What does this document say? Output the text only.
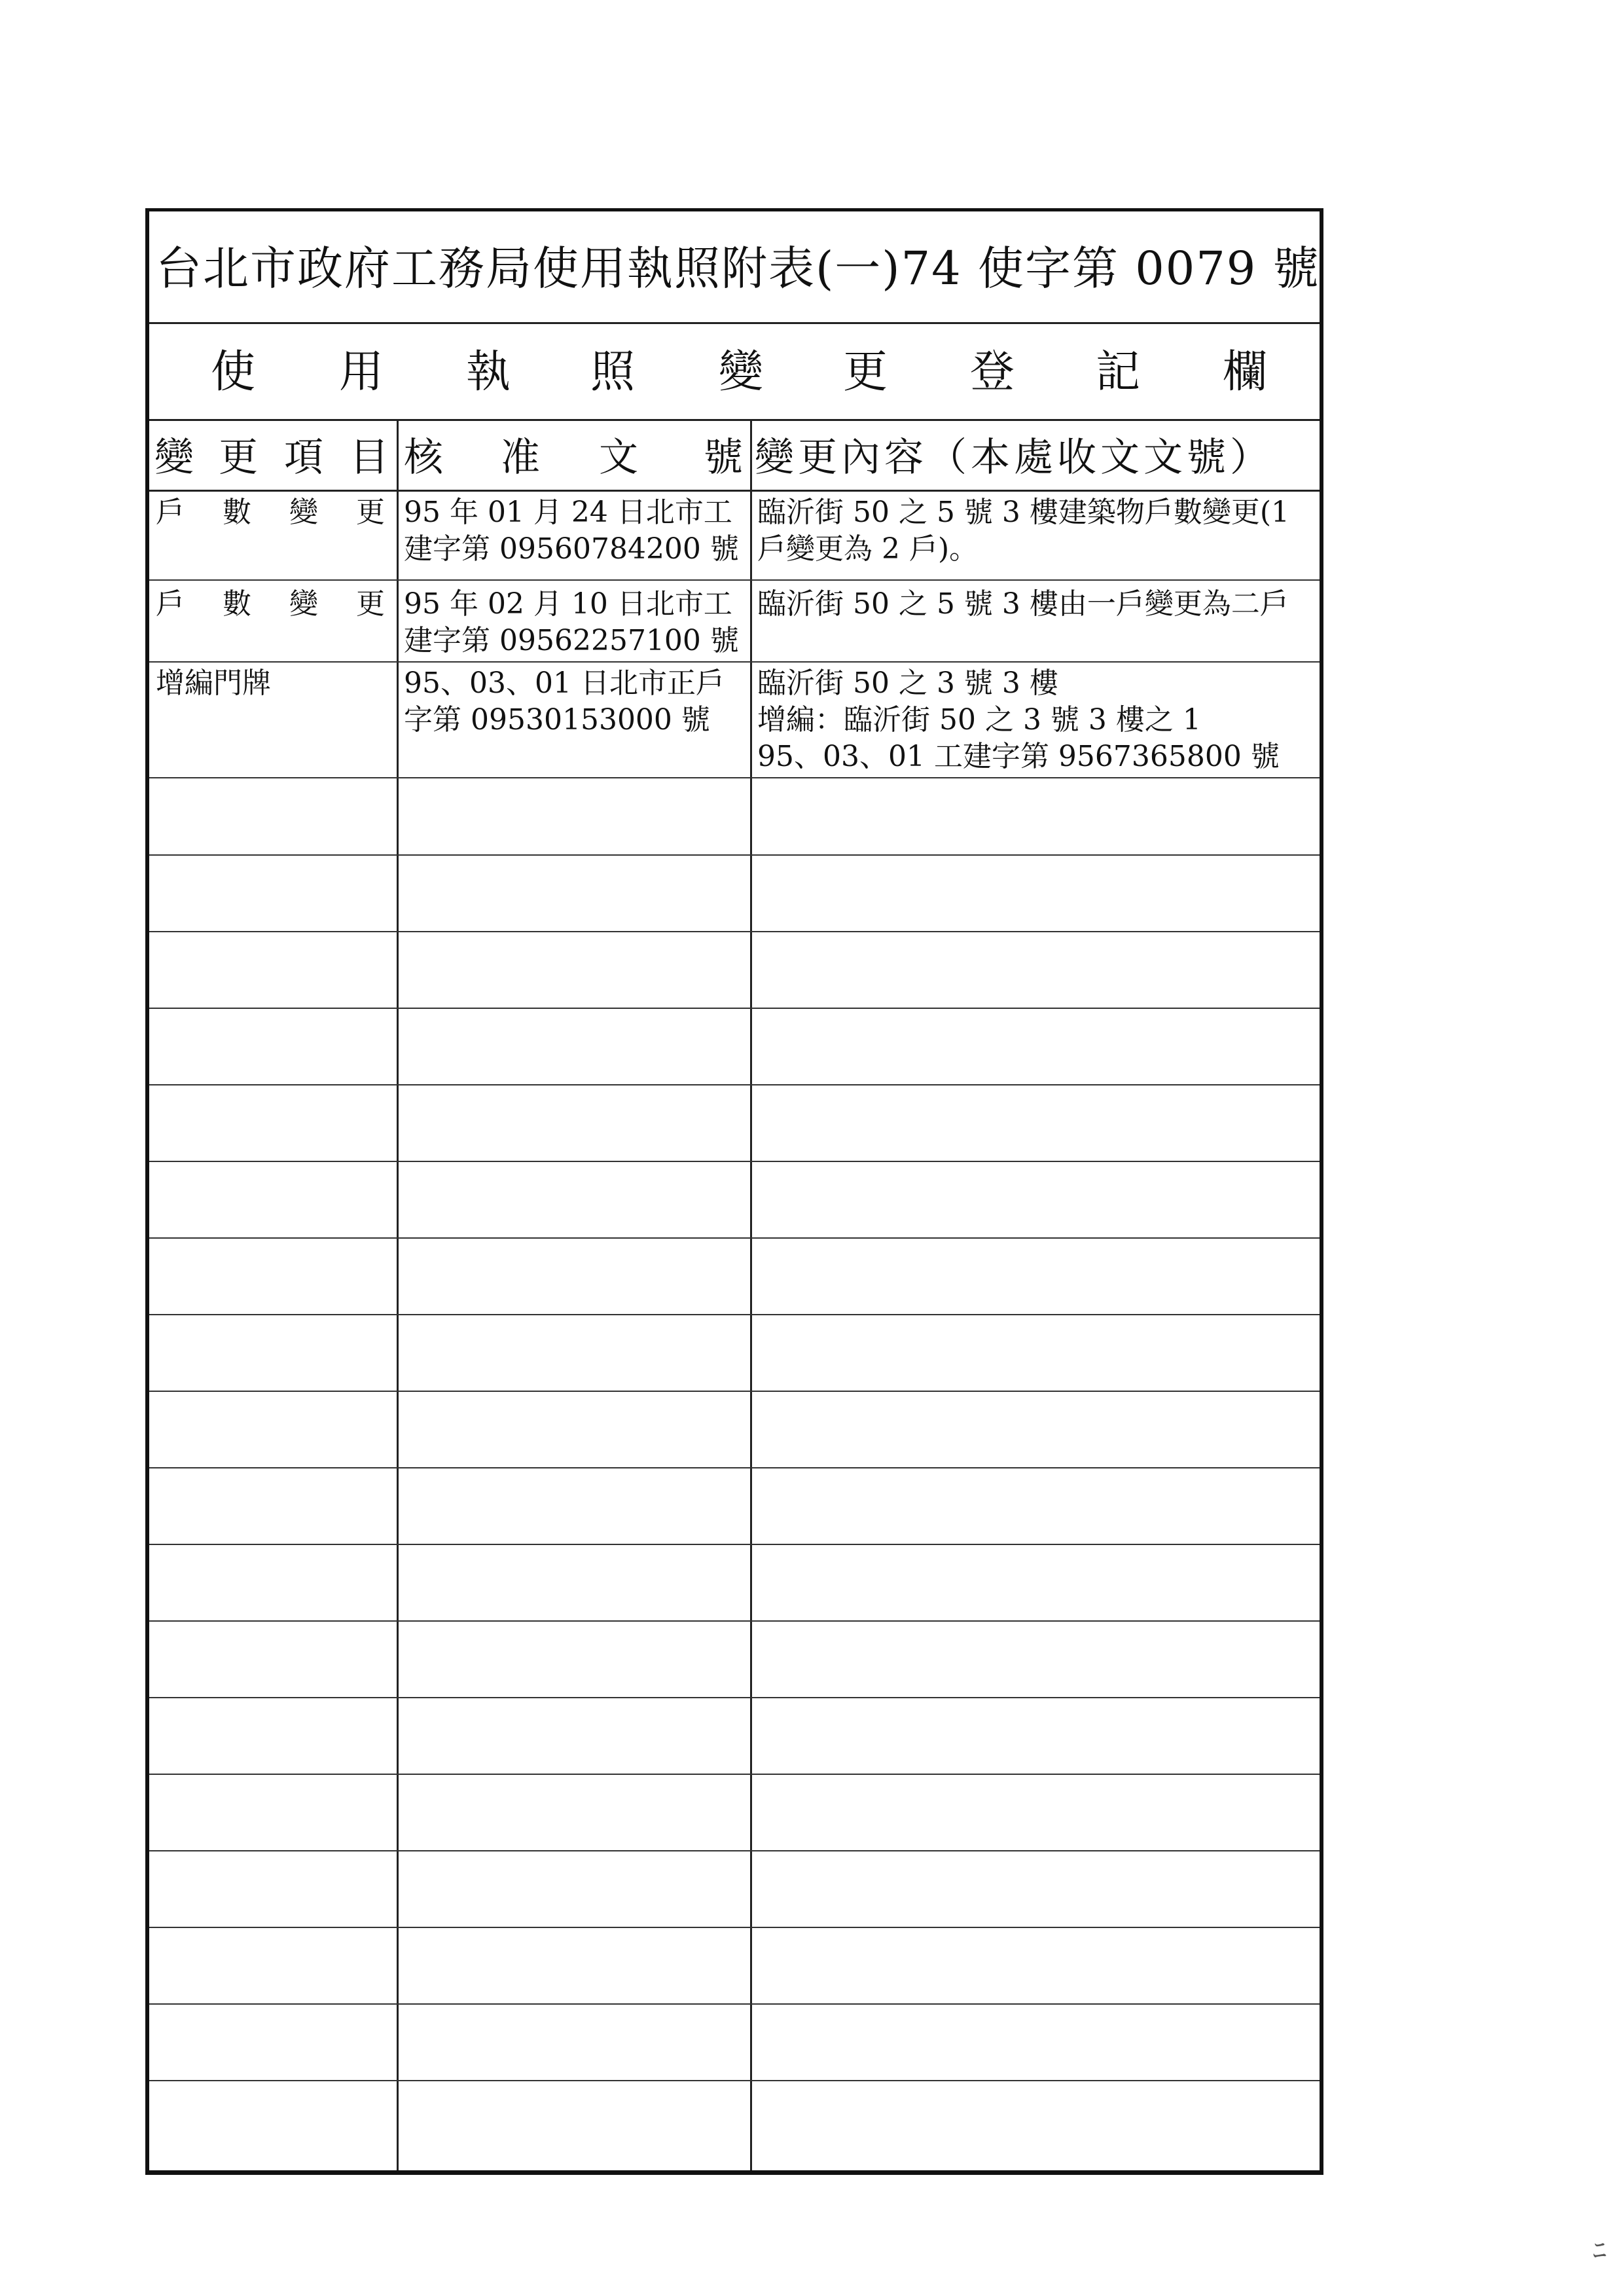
台北市政府工務局使用執照附表(一)74 使字第 0079 號
使 用 執 照 變 更 登 記 欄
變 更 項 目 核 准 文 號 變更內容（本處收文文號）
戶 數 變 更 95 年 01 月 24 日北市工
建字第 09560784200 號
臨沂街 50 之 5 號 3 樓建築物戶數變更(1
戶變更為 2 戶)。
戶 數 變 更 95 年 02 月 10 日北市工
建字第 09562257100 號
臨沂街 50 之 5 號 3 樓由一戶變更為二戶
增編門牌	95、03、01 日北市正戶
字第 09530153000 號
臨沂街 50 之 3 號 3 樓
增編：臨沂街 50 之 3 號 3 樓之 1
95、03、01 工建字第 9567365800 號
ﾆ
